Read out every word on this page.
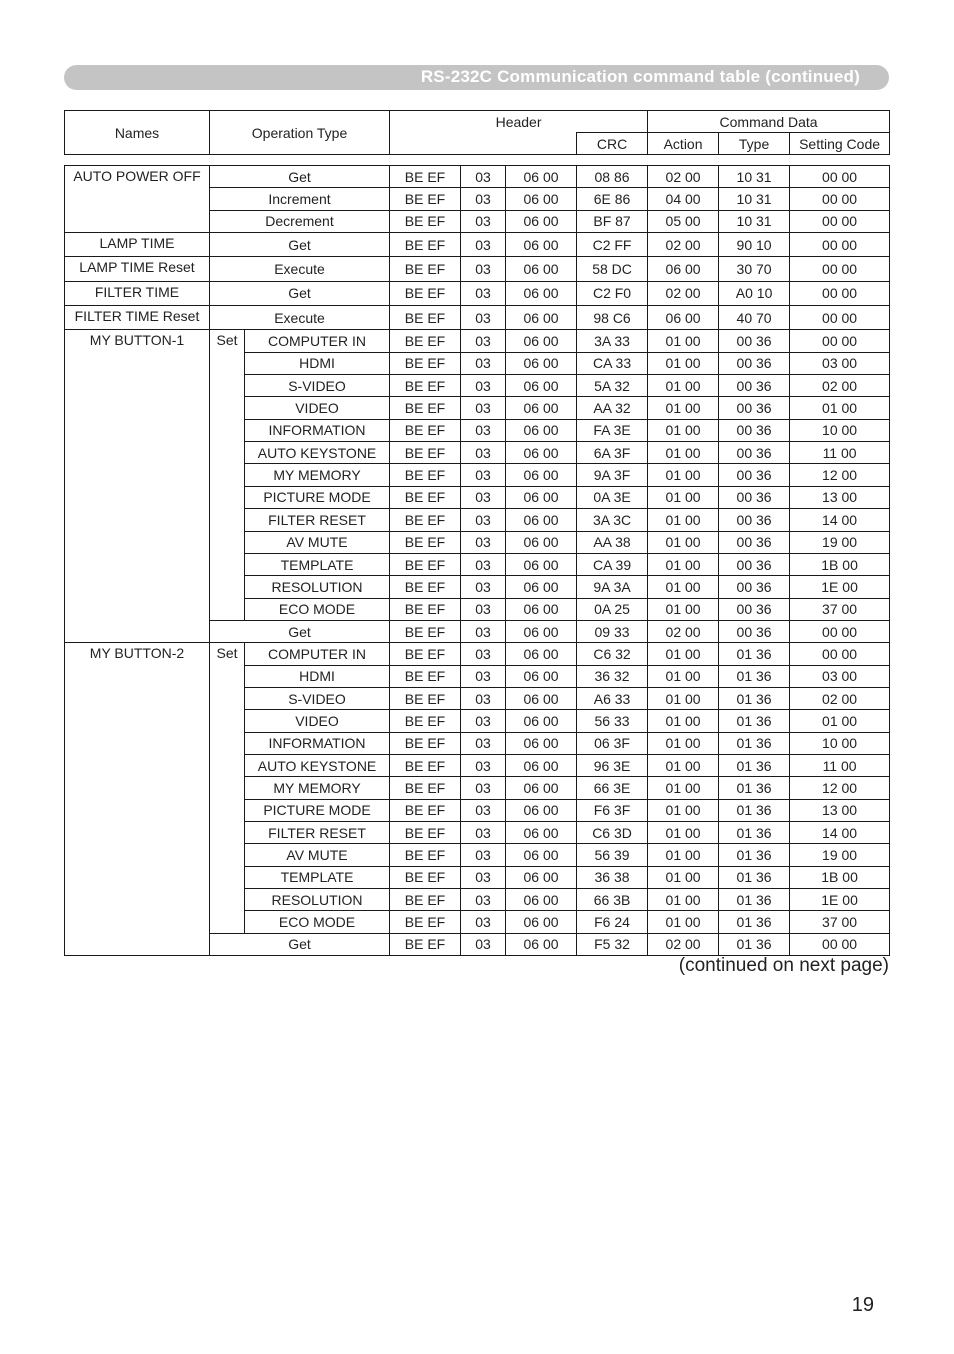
RS-232C Communication command table (continued)
Names	Operation Type		Header				Command Data		
						CRC	Action	Type	Setting Code

AUTO POWER OFF	Get		BE EF	03	06 00	08 86	02 00	10 31	00 00
	Increment		BE EF	03	06 00	6E 86	04 00	10 31	00 00
	Decrement		BE EF	03	06 00	BF 87	05 00	10 31	00 00
LAMP TIME	Get		BE EF	03	06 00	C2 FF	02 00	90 10	00 00
LAMP TIME Reset	Execute		BE EF	03	06 00	58 DC	06 00	30 70	00 00
FILTER TIME	Get		BE EF	03	06 00	C2 F0	02 00	A0 10	00 00
FILTER TIME Reset	Execute		BE EF	03	06 00	98 C6	06 00	40 70	00 00
MY BUTTON-1	Set	COMPUTER IN	BE EF	03	06 00	3A 33	01 00	00 36	00 00
		HDMI	BE EF	03	06 00	CA 33	01 00	00 36	03 00
		S-VIDEO	BE EF	03	06 00	5A 32	01 00	00 36	02 00
		VIDEO	BE EF	03	06 00	AA 32	01 00	00 36	01 00
		INFORMATION	BE EF	03	06 00	FA 3E	01 00	00 36	10 00
		AUTO KEYSTONE	BE EF	03	06 00	6A 3F	01 00	00 36	11 00
		MY MEMORY	BE EF	03	06 00	9A 3F	01 00	00 36	12 00
		PICTURE MODE	BE EF	03	06 00	0A 3E	01 00	00 36	13 00
		FILTER RESET	BE EF	03	06 00	3A 3C	01 00	00 36	14 00
		AV MUTE	BE EF	03	06 00	AA 38	01 00	00 36	19 00
		TEMPLATE	BE EF	03	06 00	CA 39	01 00	00 36	1B 00
		RESOLUTION	BE EF	03	06 00	9A 3A	01 00	00 36	1E 00
		ECO MODE	BE EF	03	06 00	0A 25	01 00	00 36	37 00
	Get		BE EF	03	06 00	09 33	02 00	00 36	00 00
MY BUTTON-2	Set	COMPUTER IN	BE EF	03	06 00	C6 32	01 00	01 36	00 00
		HDMI	BE EF	03	06 00	36 32	01 00	01 36	03 00
		S-VIDEO	BE EF	03	06 00	A6 33	01 00	01 36	02 00
		VIDEO	BE EF	03	06 00	56 33	01 00	01 36	01 00
		INFORMATION	BE EF	03	06 00	06 3F	01 00	01 36	10 00
		AUTO KEYSTONE	BE EF	03	06 00	96 3E	01 00	01 36	11 00
		MY MEMORY	BE EF	03	06 00	66 3E	01 00	01 36	12 00
		PICTURE MODE	BE EF	03	06 00	F6 3F	01 00	01 36	13 00
		FILTER RESET	BE EF	03	06 00	C6 3D	01 00	01 36	14 00
		AV MUTE	BE EF	03	06 00	56 39	01 00	01 36	19 00
		TEMPLATE	BE EF	03	06 00	36 38	01 00	01 36	1B 00
		RESOLUTION	BE EF	03	06 00	66 3B	01 00	01 36	1E 00
		ECO MODE	BE EF	03	06 00	F6 24	01 00	01 36	37 00
	Get		BE EF	03	06 00	F5 32	02 00	01 36	00 00
(continued on next page)
19
